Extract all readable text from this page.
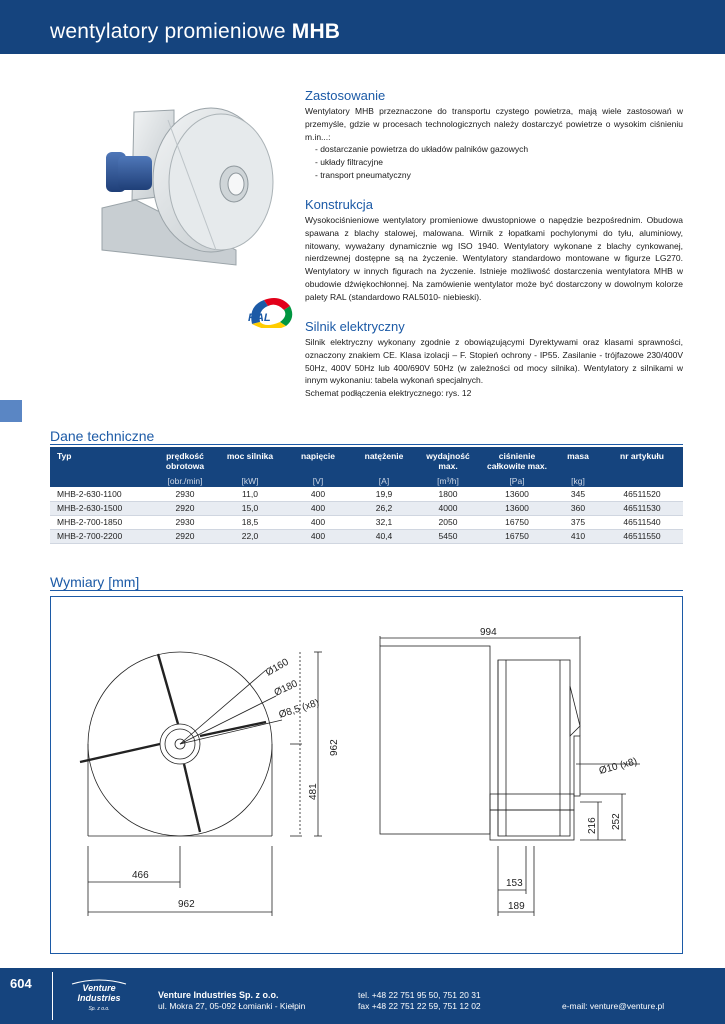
wentylatory promieniowe MHB
RAL
Zastosowanie
Wentylatory MHB przeznaczone do transportu czystego powietrza, mają wiele zastosowań w przemyśle, gdzie w procesach technologicznych należy dostarczyć powietrze o wysokim ciśnieniu m.in...:
- dostarczanie powietrza do układów palników gazowych
- układy filtracyjne
- transport pneumatyczny
Konstrukcja
Wysokociśnieniowe wentylatory promieniowe dwustopniowe o napędzie bezpośrednim. Obudowa spawana z blachy stalowej, malowana. Wirnik z łopatkami pochylonymi do tyłu, aluminiowy, nitowany, wyważany dynamicznie wg ISO 1940. Wentylatory wykonane z blachy cynkowanej, nierdzewnej dostępne są na życzenie. Wentylatory standardowo montowane w figurze LG270. Wentylatory w innych figurach na życzenie. Istnieje możliwość dostarczenia wentylatora MHB w obudowie dźwiękochłonnej. Na zamówienie wentylator może być dostarczony w dowolnym kolorze palety RAL (standardowo RAL5010- niebieski).
Silnik elektryczny
Silnik elektryczny wykonany zgodnie z obowiązującymi Dyrektywami oraz klasami sprawności, oznaczony znakiem CE. Klasa izolacji – F. Stopień ochrony - IP55. Zasilanie - trójfazowe 230/400V 50Hz, 400V 50Hz lub 400/690V 50Hz (w zależności od mocy silnika). Wentylatory z silnikami w innym wykonaniu: tabela wykonań specjalnych.
Schemat podłączenia elektrycznego: rys. 12
Dane techniczne
Typ	prędkość obrotowa	moc silnika	napięcie	natężenie	wydajność max.	ciśnienie całkowite max.	masa	nr artykułu
	[obr./min]	[kW]	[V]	[A]	[m³/h]	[Pa]	[kg]	
MHB-2-630-1100	2930	11,0	400	19,9	1800	13600	345	46511520
MHB-2-630-1500	2920	15,0	400	26,2	4000	13600	360	46511530
MHB-2-700-1850	2930	18,5	400	32,1	2050	16750	375	46511540
MHB-2-700-2200	2920	22,0	400	40,4	5450	16750	410	46511550
Wymiary [mm]
Ø160
Ø180
Ø8,5 (x8)
962
481
466
962
994
Ø10 (x8)
216 252
153
189
604	Venture
Industries
Sp. z o.o.
Venture Industries Sp. z o.o.
ul. Mokra 27, 05-092 Łomianki - Kiełpin
tel. +48 22 751 95 50, 751 20 31
fax +48 22 751 22 59, 751 12 02	e-mail: venture@venture.pl
